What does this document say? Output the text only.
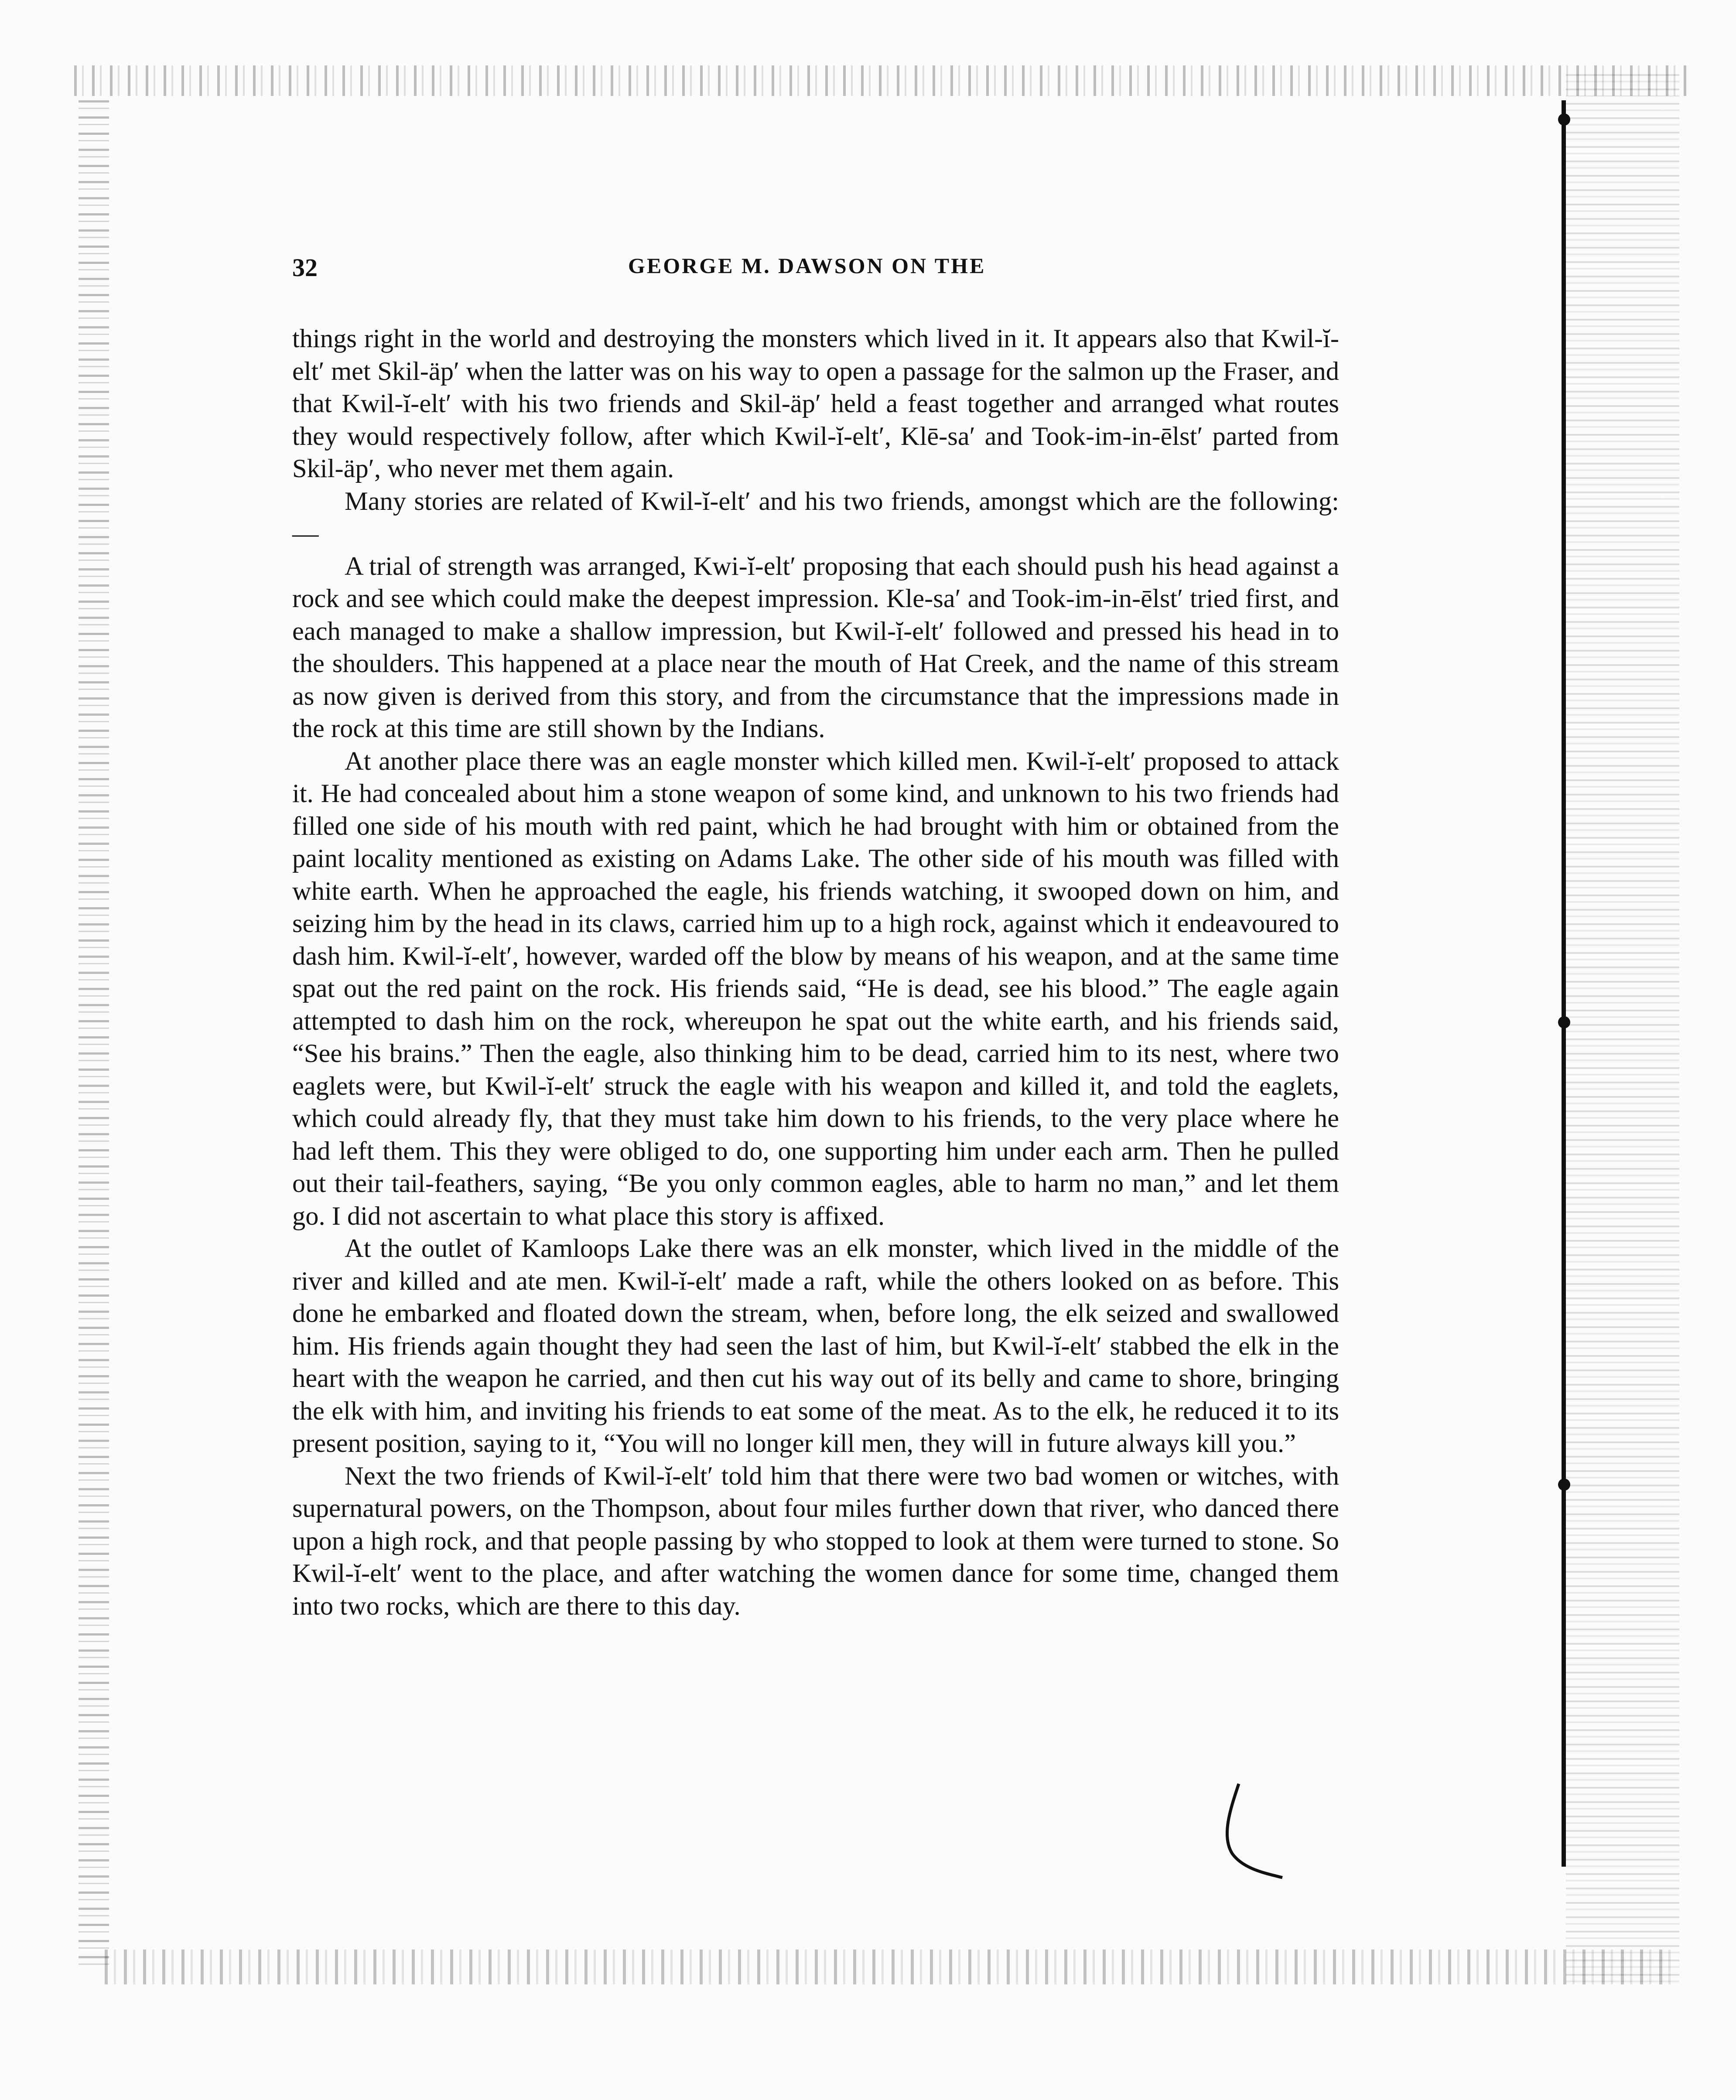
32	GEORGE M. DAWSON ON THE

things right in the world and destroying the monsters which lived in it. It appears also that Kwil-ĭ-elt′ met Skil-äp′ when the latter was on his way to open a passage for the salmon up the Fraser, and that Kwil-ĭ-elt′ with his two friends and Skil-äp′ held a feast together and arranged what routes they would respectively follow, after which Kwil-ĭ-elt′, Klē-sa′ and Took-im-in-ēlst′ parted from Skil-äp′, who never met them again.

Many stories are related of Kwil-ĭ-elt′ and his two friends, amongst which are the following:—

A trial of strength was arranged, Kwi-ĭ-elt′ proposing that each should push his head against a rock and see which could make the deepest impression. Kle-sa′ and Took-im-in-ēlst′ tried first, and each managed to make a shallow impression, but Kwil-ĭ-elt′ followed and pressed his head in to the shoulders. This happened at a place near the mouth of Hat Creek, and the name of this stream as now given is derived from this story, and from the circumstance that the impressions made in the rock at this time are still shown by the Indians.

At another place there was an eagle monster which killed men. Kwil-ĭ-elt′ proposed to attack it. He had concealed about him a stone weapon of some kind, and unknown to his two friends had filled one side of his mouth with red paint, which he had brought with him or obtained from the paint locality mentioned as existing on Adams Lake. The other side of his mouth was filled with white earth. When he approached the eagle, his friends watching, it swooped down on him, and seizing him by the head in its claws, carried him up to a high rock, against which it endeavoured to dash him. Kwil-ĭ-elt′, however, warded off the blow by means of his weapon, and at the same time spat out the red paint on the rock. His friends said, “He is dead, see his blood.” The eagle again attempted to dash him on the rock, whereupon he spat out the white earth, and his friends said, “See his brains.” Then the eagle, also thinking him to be dead, carried him to its nest, where two eaglets were, but Kwil-ĭ-elt′ struck the eagle with his weapon and killed it, and told the eaglets, which could already fly, that they must take him down to his friends, to the very place where he had left them. This they were obliged to do, one supporting him under each arm. Then he pulled out their tail-feathers, saying, “Be you only common eagles, able to harm no man,” and let them go. I did not ascertain to what place this story is affixed.

At the outlet of Kamloops Lake there was an elk monster, which lived in the middle of the river and killed and ate men. Kwil-ĭ-elt′ made a raft, while the others looked on as before. This done he embarked and floated down the stream, when, before long, the elk seized and swallowed him. His friends again thought they had seen the last of him, but Kwil-ĭ-elt′ stabbed the elk in the heart with the weapon he carried, and then cut his way out of its belly and came to shore, bringing the elk with him, and inviting his friends to eat some of the meat. As to the elk, he reduced it to its present position, saying to it, “You will no longer kill men, they will in future always kill you.”

Next the two friends of Kwil-ĭ-elt′ told him that there were two bad women or witches, with supernatural powers, on the Thompson, about four miles further down that river, who danced there upon a high rock, and that people passing by who stopped to look at them were turned to stone. So Kwil-ĭ-elt′ went to the place, and after watching the women dance for some time, changed them into two rocks, which are there to this day.
